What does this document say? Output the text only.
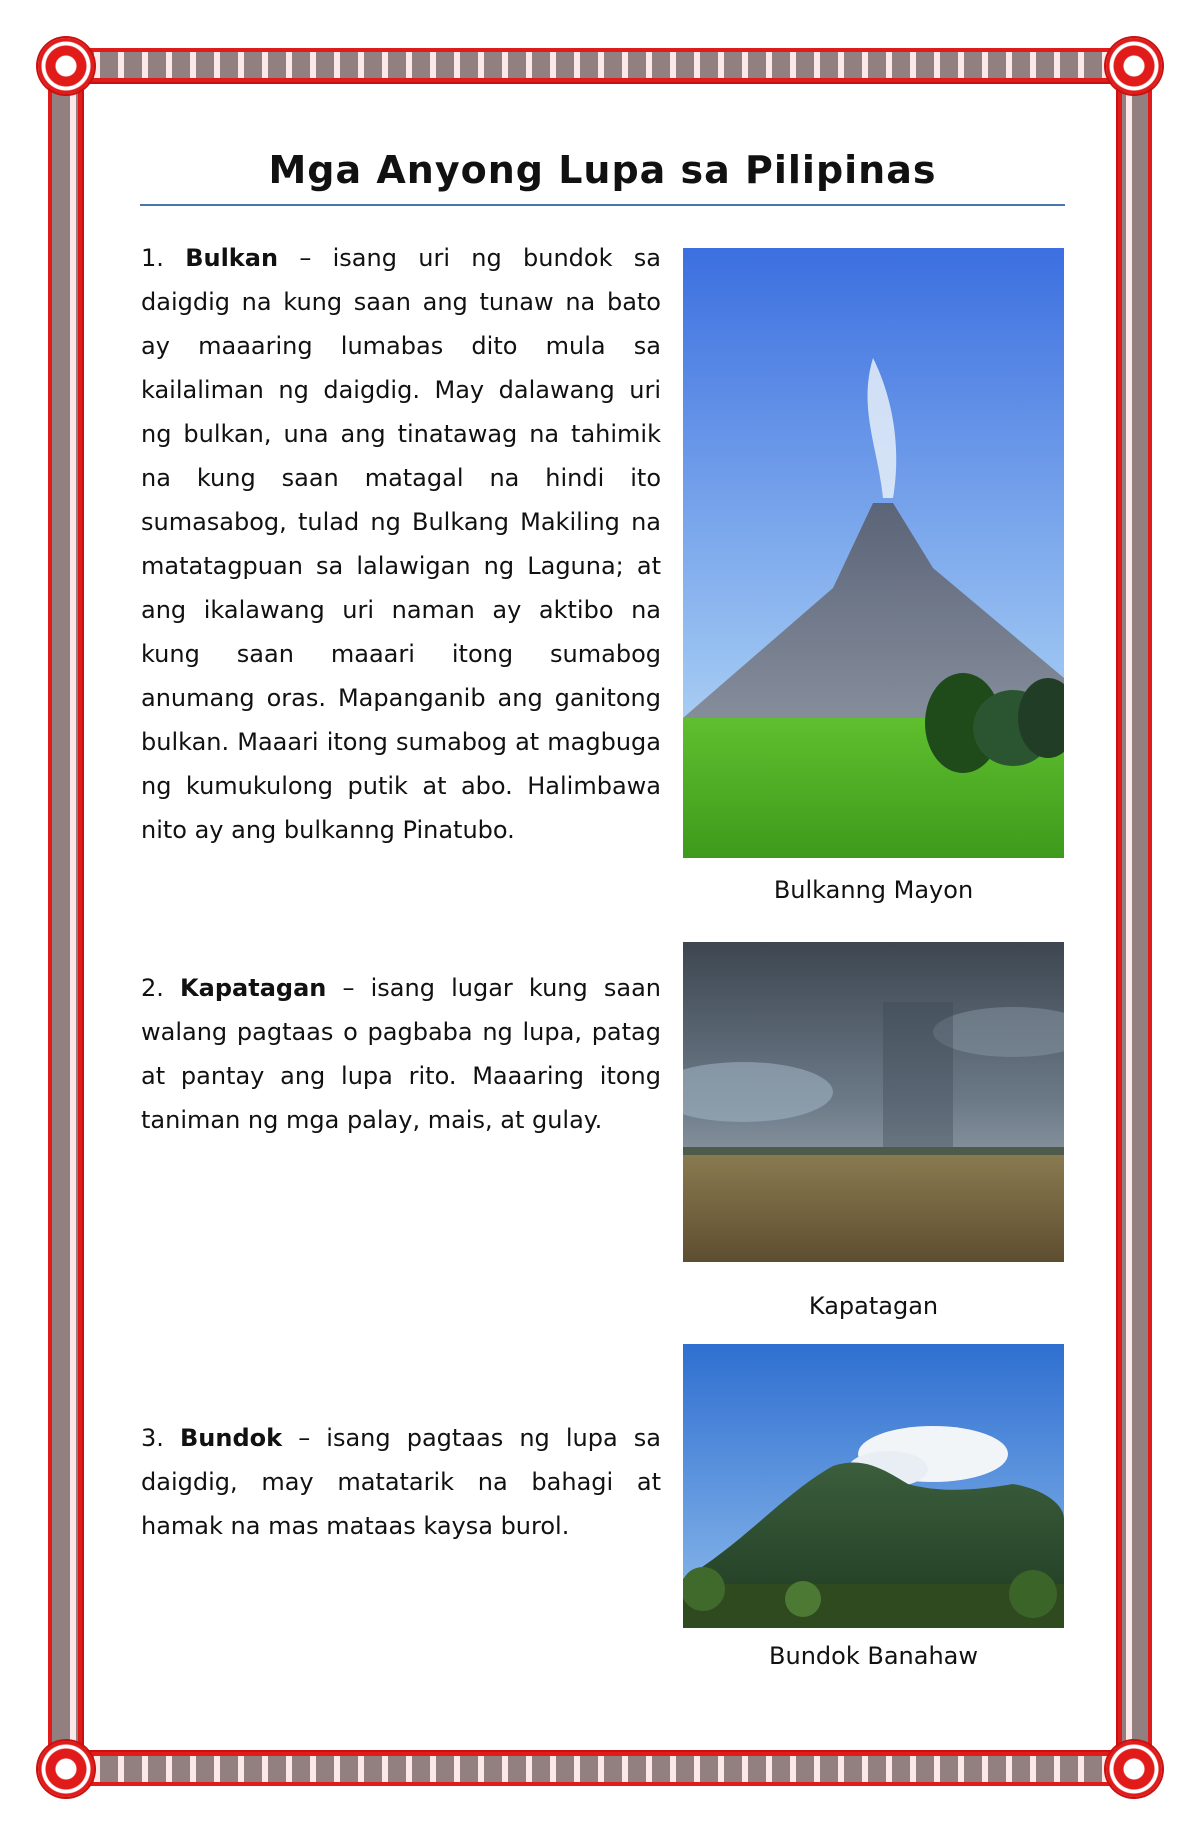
Mga Anyong Lupa sa Pilipinas
1. Bulkan – isang uri ng bundok sa daigdig na kung saan ang tunaw na bato ay maaaring lumabas dito mula sa kailaliman ng daigdig. May dalawang uri ng bulkan, una ang tinatawag na tahimik na kung saan matagal na hindi ito sumasabog, tulad ng Bulkang Makiling na matatagpuan sa lalawigan ng Laguna; at ang ikalawang uri naman ay aktibo na kung saan maaari itong sumabog anumang oras. Mapanganib ang ganitong bulkan. Maaari itong sumabog at magbuga ng kumukulong putik at abo. Halimbawa nito ay ang bulkanng Pinatubo.
Bulkanng Mayon
2. Kapatagan – isang lugar kung saan walang pagtaas o pagbaba ng lupa, patag at pantay ang lupa rito. Maaaring itong taniman ng mga palay, mais, at gulay.
Kapatagan
3. Bundok – isang pagtaas ng lupa sa daigdig, may matatarik na bahagi at hamak na mas mataas kaysa burol.
Bundok Banahaw
